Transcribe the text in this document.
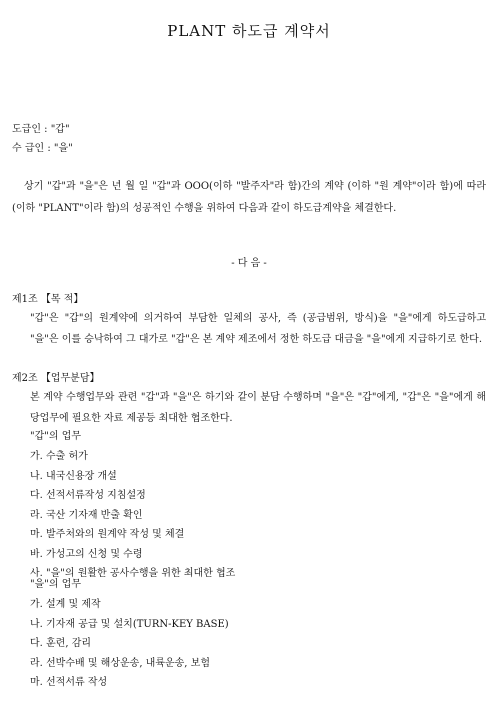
PLANT 하도급 계약서
도급인 : "갑"
수 급인 : "을"
상기 "갑"과 "을"은 년 월 일 "갑"과 OOO(이하 "발주자"라 함)간의 계약 (이하 "원 계약"이라 함)에 따라 (이하 "PLANT"이라 함)의 성공적인 수행을 위하여 다음과 같이 하도급계약을 체결한다.
- 다 음 -
제1조 【목 적】
"갑"은 "갑"의 원계약에 의거하여 부담한 일체의 공사, 즉 (공급범위, 방식)을 "을"에게 하도급하고 "을"은 이를 승낙하여 그 대가로 "갑"은 본 계약 제조에서 정한 하도급 대금을 "을"에게 지급하기로 한다.
제2조 【업무분담】
본 계약 수행업무와 관련 "갑"과 "을"은 하기와 같이 분담 수행하며 "을"은 "갑"에게, "갑"은 "을"에게 해당업무에 필요한 자료 제공등 최대한 협조한다.
"갑"의 업무
가. 수출 허가
나. 내국신용장 개설
다. 선적서류작성 지침설정
라. 국산 기자재 반출 확인
마. 발주처와의 원계약 작성 및 체결
바. 가성고의 신청 및 수령
사. "을"의 원활한 공사수행을 위한 최대한 협조
"을"의 업무
가. 설계 및 제작
나. 기자재 공급 및 설치(TURN-KEY BASE)
다. 훈련, 감리
라. 선박수배 및 해상운송, 내륙운송, 보험
마. 선적서류 작성
